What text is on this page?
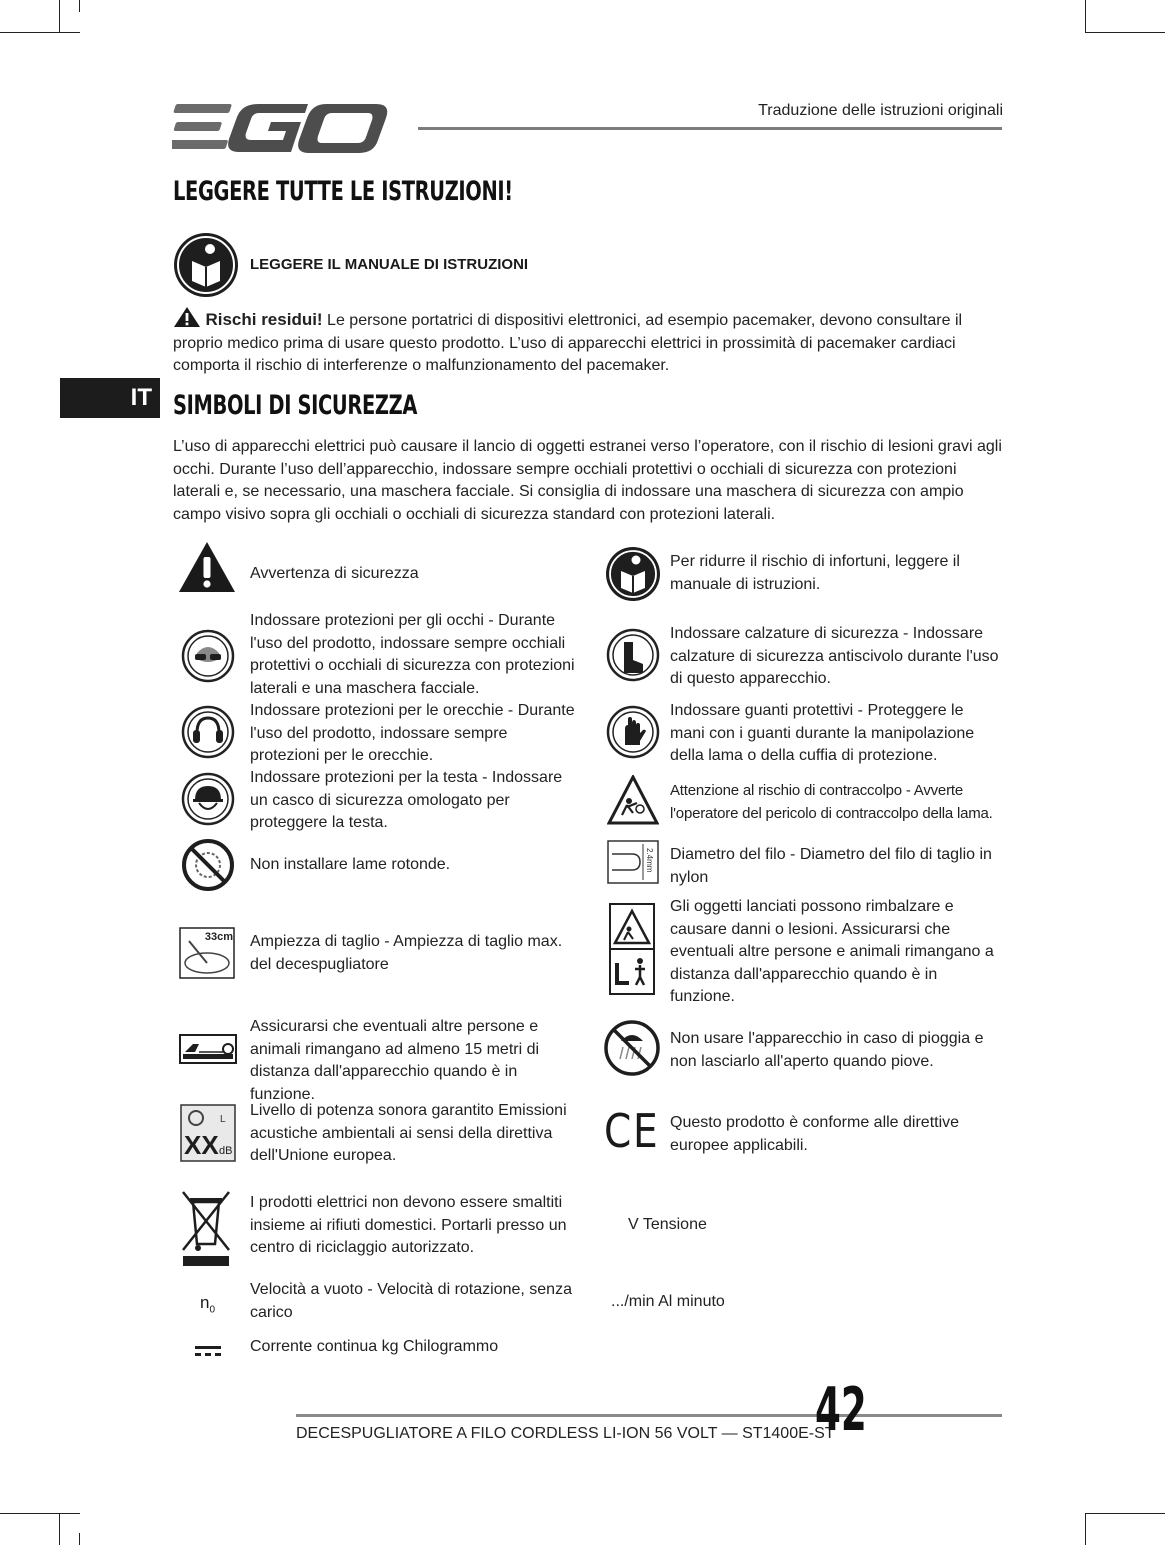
Traduzione delle istruzioni originali
LEGGERE TUTTE LE ISTRUZIONI!
LEGGERE IL MANUALE DI ISTRUZIONI
Rischi residui! Le persone portatrici di dispositivi elettronici, ad esempio pacemaker, devono consultare il proprio medico prima di usare questo prodotto. L’uso di apparecchi elettrici in prossimità di pacemaker cardiaci comporta il rischio di interferenze o malfunzionamento del pacemaker.
IT SIMBOLI DI SICUREZZA
L’uso di apparecchi elettrici può causare il lancio di oggetti estranei verso l’operatore, con il rischio di lesioni gravi agli occhi. Durante l’uso dell’apparecchio, indossare sempre occhiali protettivi o occhiali di sicurezza con protezioni laterali e, se necessario, una maschera facciale. Si consiglia di indossare una maschera di sicurezza con ampio campo visivo sopra gli occhiali o occhiali di sicurezza standard con protezioni laterali.
Avvertenza di sicurezza
Indossare protezioni per gli occhi - Durante l'uso del prodotto, indossare sempre occhiali protettivi o occhiali di sicurezza con protezioni laterali e una maschera facciale.
Indossare protezioni per le orecchie - Durante l'uso del prodotto, indossare sempre protezioni per le orecchie.
Indossare protezioni per la testa - Indossare un casco di sicurezza omologato per proteggere la testa.
Non installare lame rotonde.
33cm Ampiezza di taglio - Ampiezza di taglio max. del decespugliatore
Assicurarsi che eventuali altre persone e animali rimangano ad almeno 15 metri di distanza dall'apparecchio quando è in funzione.
L
XX dB
Livello di potenza sonora garantito Emissioni acustiche ambientali ai sensi della direttiva dell'Unione europea.
I prodotti elettrici non devono essere smaltiti insieme ai rifiuti domestici. Portarli presso un centro di riciclaggio autorizzato.
$n_0$
Velocità a vuoto - Velocità di rotazione, senza carico
Corrente continua kg Chilogrammo
Per ridurre il rischio di infortuni, leggere il manuale di istruzioni.
Indossare calzature di sicurezza - Indossare calzature di sicurezza antiscivolo durante l'uso di questo apparecchio.
Indossare guanti protettivi - Proteggere le mani con i guanti durante la manipolazione della lama o della cuffia di protezione.
Attenzione al rischio di contraccolpo - Avverte l'operatore del pericolo di contraccolpo della lama.
2.4mm Diametro del filo - Diametro del filo di taglio in nylon
Gli oggetti lanciati possono rimbalzare e causare danni o lesioni. Assicurarsi che eventuali altre persone e animali rimangano a distanza dall'apparecchio quando è in funzione.
Non usare l'apparecchio in caso di pioggia e non lasciarlo all'aperto quando piove.
CE Questo prodotto è conforme alle direttive europee applicabili.
V Tensione
.../min Al minuto
DECESPUGLIATORE A FILO CORDLESS LI-ION 56 VOLT — ST1400E-ST
42
